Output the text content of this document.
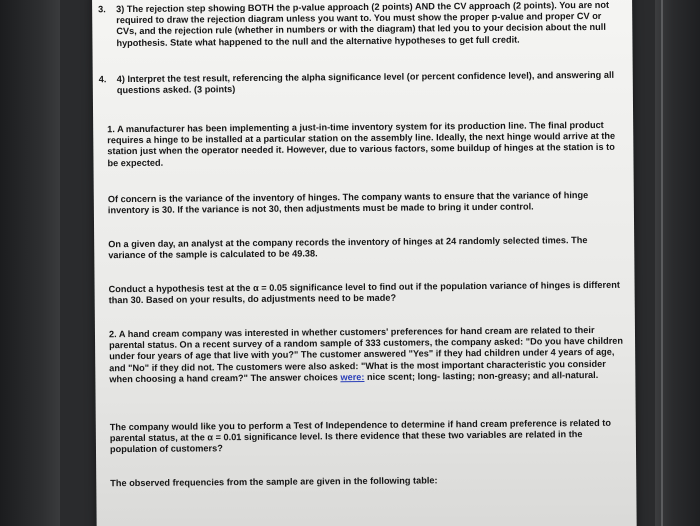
3. 3) The rejection step showing BOTH the p-value approach (2 points) AND the CV approach (2 points). You are not required to draw the rejection diagram unless you want to. You must show the proper p-value and proper CV or CVs, and the rejection rule (whether in numbers or with the diagram) that led you to your decision about the null hypothesis. State what happened to the null and the alternative hypotheses to get full credit.

4. 4) Interpret the test result, referencing the alpha significance level (or percent confidence level), and answering all questions asked. (3 points)

1. A manufacturer has been implementing a just-in-time inventory system for its production line. The final product requires a hinge to be installed at a particular station on the assembly line. Ideally, the next hinge would arrive at the station just when the operator needed it. However, due to various factors, some buildup of hinges at the station is to be expected.

Of concern is the variance of the inventory of hinges. The company wants to ensure that the variance of hinge inventory is 30. If the variance is not 30, then adjustments must be made to bring it under control.

On a given day, an analyst at the company records the inventory of hinges at 24 randomly selected times. The variance of the sample is calculated to be 49.38.

Conduct a hypothesis test at the α = 0.05 significance level to find out if the population variance of hinges is different than 30. Based on your results, do adjustments need to be made?

2. A hand cream company was interested in whether customers' preferences for hand cream are related to their parental status. On a recent survey of a random sample of 333 customers, the company asked: "Do you have children under four years of age that live with you?" The customer answered "Yes" if they had children under 4 years of age, and "No" if they did not. The customers were also asked: "What is the most important characteristic you consider when choosing a hand cream?" The answer choices were: nice scent; long- lasting; non-greasy; and all-natural.

The company would like you to perform a Test of Independence to determine if hand cream preference is related to parental status, at the α = 0.01 significance level. Is there evidence that these two variables are related in the population of customers?

The observed frequencies from the sample are given in the following table:
